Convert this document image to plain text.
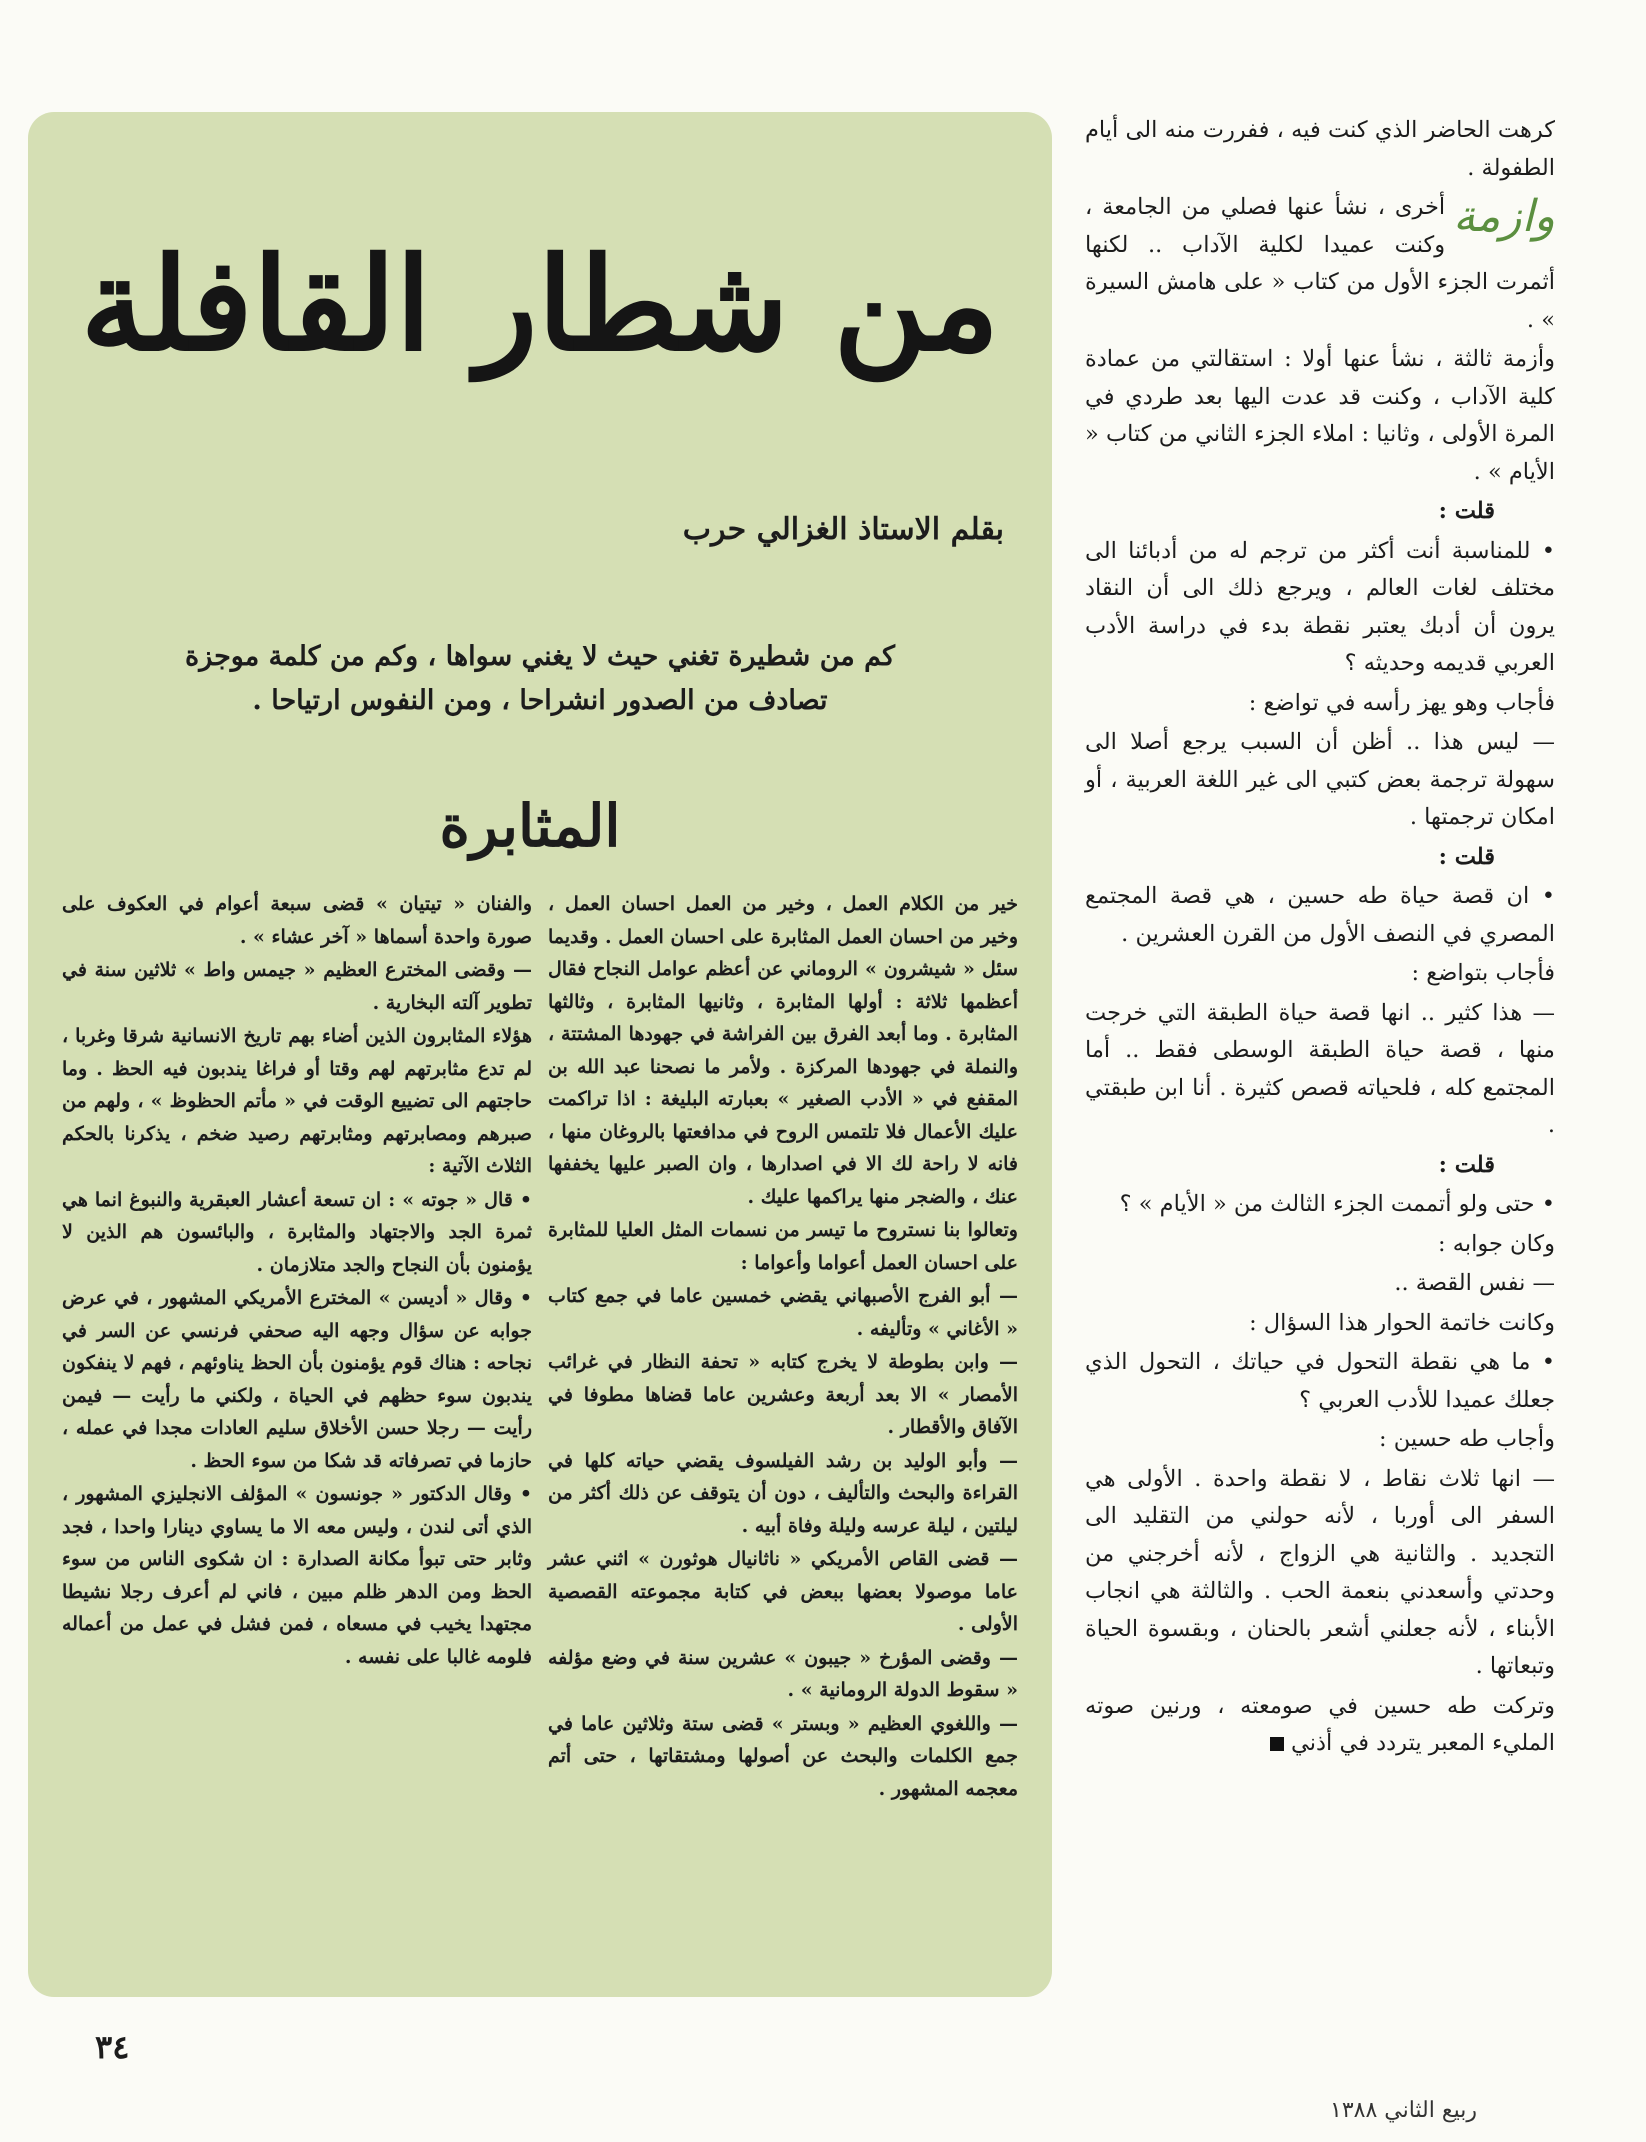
كرهت الحاضر الذي كنت فيه ، ففررت منه الى أيام الطفولة .

وازمة

أخرى ، نشأ عنها فصلي من الجامعة ، وكنت عميدا لكلية الآداب .. لكنها أثمرت الجزء الأول من كتاب « على هامش السيرة » .

وأزمة ثالثة ، نشأ عنها أولا : استقالتي من عمادة كلية الآداب ، وكنت قد عدت اليها بعد طردي في المرة الأولى ، وثانيا : املاء الجزء الثاني من كتاب « الأيام » .

قلت :

• للمناسبة أنت أكثر من ترجم له من أدبائنا الى مختلف لغات العالم ، ويرجع ذلك الى أن النقاد يرون أن أدبك يعتبر نقطة بدء في دراسة الأدب العربي قديمه وحديثه ؟

فأجاب وهو يهز رأسه في تواضع :

— ليس هذا .. أظن أن السبب يرجع أصلا الى سهولة ترجمة بعض كتبي الى غير اللغة العربية ، أو امكان ترجمتها .

قلت :

• ان قصة حياة طه حسين ، هي قصة المجتمع المصري في النصف الأول من القرن العشرين .

فأجاب بتواضع :

— هذا كثير .. انها قصة حياة الطبقة التي خرجت منها ، قصة حياة الطبقة الوسطى فقط .. أما المجتمع كله ، فلحياته قصص كثيرة . أنا ابن طبقتي .

قلت :

• حتى ولو أتممت الجزء الثالث من « الأيام » ؟

وكان جوابه :

— نفس القصة ..

وكانت خاتمة الحوار هذا السؤال :

• ما هي نقطة التحول في حياتك ، التحول الذي جعلك عميدا للأدب العربي ؟

وأجاب طه حسين :

— انها ثلاث نقاط ، لا نقطة واحدة . الأولى هي السفر الى أوربا ، لأنه حولني من التقليد الى التجديد . والثانية هي الزواج ، لأنه أخرجني من وحدتي وأسعدني بنعمة الحب . والثالثة هي انجاب الأبناء ، لأنه جعلني أشعر بالحنان ، وبقسوة الحياة وتبعاتها .

وتركت طه حسين في صومعته ، ورنين صوته المليء المعبر يتردد في أذني

من شطار القافلة
بقلم الاستاذ الغزالي حرب
كم من شطيرة تغني حيث لا يغني سواها ، وكم من كلمة موجزة تصادف من الصدور انشراحا ، ومن النفوس ارتياحا .
المثابرة

خير من الكلام العمل ، وخير من العمل احسان العمل ، وخير من احسان العمل المثابرة على احسان العمل . وقديما سئل « شيشرون » الروماني عن أعظم عوامل النجاح فقال أعظمها ثلاثة : أولها المثابرة ، وثانيها المثابرة ، وثالثها المثابرة . وما أبعد الفرق بين الفراشة في جهودها المشتتة ، والنملة في جهودها المركزة . ولأمر ما نصحنا عبد الله بن المقفع في « الأدب الصغير » بعبارته البليغة : اذا تراكمت عليك الأعمال فلا تلتمس الروح في مدافعتها بالروغان منها ، فانه لا راحة لك الا في اصدارها ، وان الصبر عليها يخففها عنك ، والضجر منها يراكمها عليك .

وتعالوا بنا نستروح ما تيسر من نسمات المثل العليا للمثابرة على احسان العمل أعواما وأعواما :

— أبو الفرج الأصبهاني يقضي خمسين عاما في جمع كتاب « الأغاني » وتأليفه .

— وابن بطوطة لا يخرج كتابه « تحفة النظار في غرائب الأمصار » الا بعد أربعة وعشرين عاما قضاها مطوفا في الآفاق والأقطار .

— وأبو الوليد بن رشد الفيلسوف يقضي حياته كلها في القراءة والبحث والتأليف ، دون أن يتوقف عن ذلك أكثر من ليلتين ، ليلة عرسه وليلة وفاة أبيه .

— قضى القاص الأمريكي « ناثانيال هوثورن » اثني عشر عاما موصولا بعضها ببعض في كتابة مجموعته القصصية الأولى .

— وقضى المؤرخ « جيبون » عشرين سنة في وضع مؤلفه « سقوط الدولة الرومانية » .

— واللغوي العظيم « وبستر » قضى ستة وثلاثين عاما في جمع الكلمات والبحث عن أصولها ومشتقاتها ، حتى أتم معجمه المشهور .

والفنان « تيتيان » قضى سبعة أعوام في العكوف على صورة واحدة أسماها « آخر عشاء » .

— وقضى المخترع العظيم « جيمس واط » ثلاثين سنة في تطوير آلته البخارية .

هؤلاء المثابرون الذين أضاء بهم تاريخ الانسانية شرقا وغربا ، لم تدع مثابرتهم لهم وقتا أو فراغا يندبون فيه الحظ . وما حاجتهم الى تضييع الوقت في « مأتم الحظوظ » ، ولهم من صبرهم ومصابرتهم ومثابرتهم رصيد ضخم ، يذكرنا بالحكم الثلاث الآتية :

• قال « جوته » : ان تسعة أعشار العبقرية والنبوغ انما هي ثمرة الجد والاجتهاد والمثابرة ، والبائسون هم الذين لا يؤمنون بأن النجاح والجد متلازمان .

• وقال « أديسن » المخترع الأمريكي المشهور ، في عرض جوابه عن سؤال وجهه اليه صحفي فرنسي عن السر في نجاحه : هناك قوم يؤمنون بأن الحظ يناوئهم ، فهم لا ينفكون يندبون سوء حظهم في الحياة ، ولكني ما رأيت — فيمن رأيت — رجلا حسن الأخلاق سليم العادات مجدا في عمله ، حازما في تصرفاته قد شكا من سوء الحظ .

• وقال الدكتور « جونسون » المؤلف الانجليزي المشهور ، الذي أتى لندن ، وليس معه الا ما يساوي دينارا واحدا ، فجد وثابر حتى تبوأ مكانة الصدارة : ان شكوى الناس من سوء الحظ ومن الدهر ظلم مبين ، فاني لم أعرف رجلا نشيطا مجتهدا يخيب في مسعاه ، فمن فشل في عمل من أعماله فلومه غالبا على نفسه .

٣٤
ربيع الثاني ١٣٨٨
